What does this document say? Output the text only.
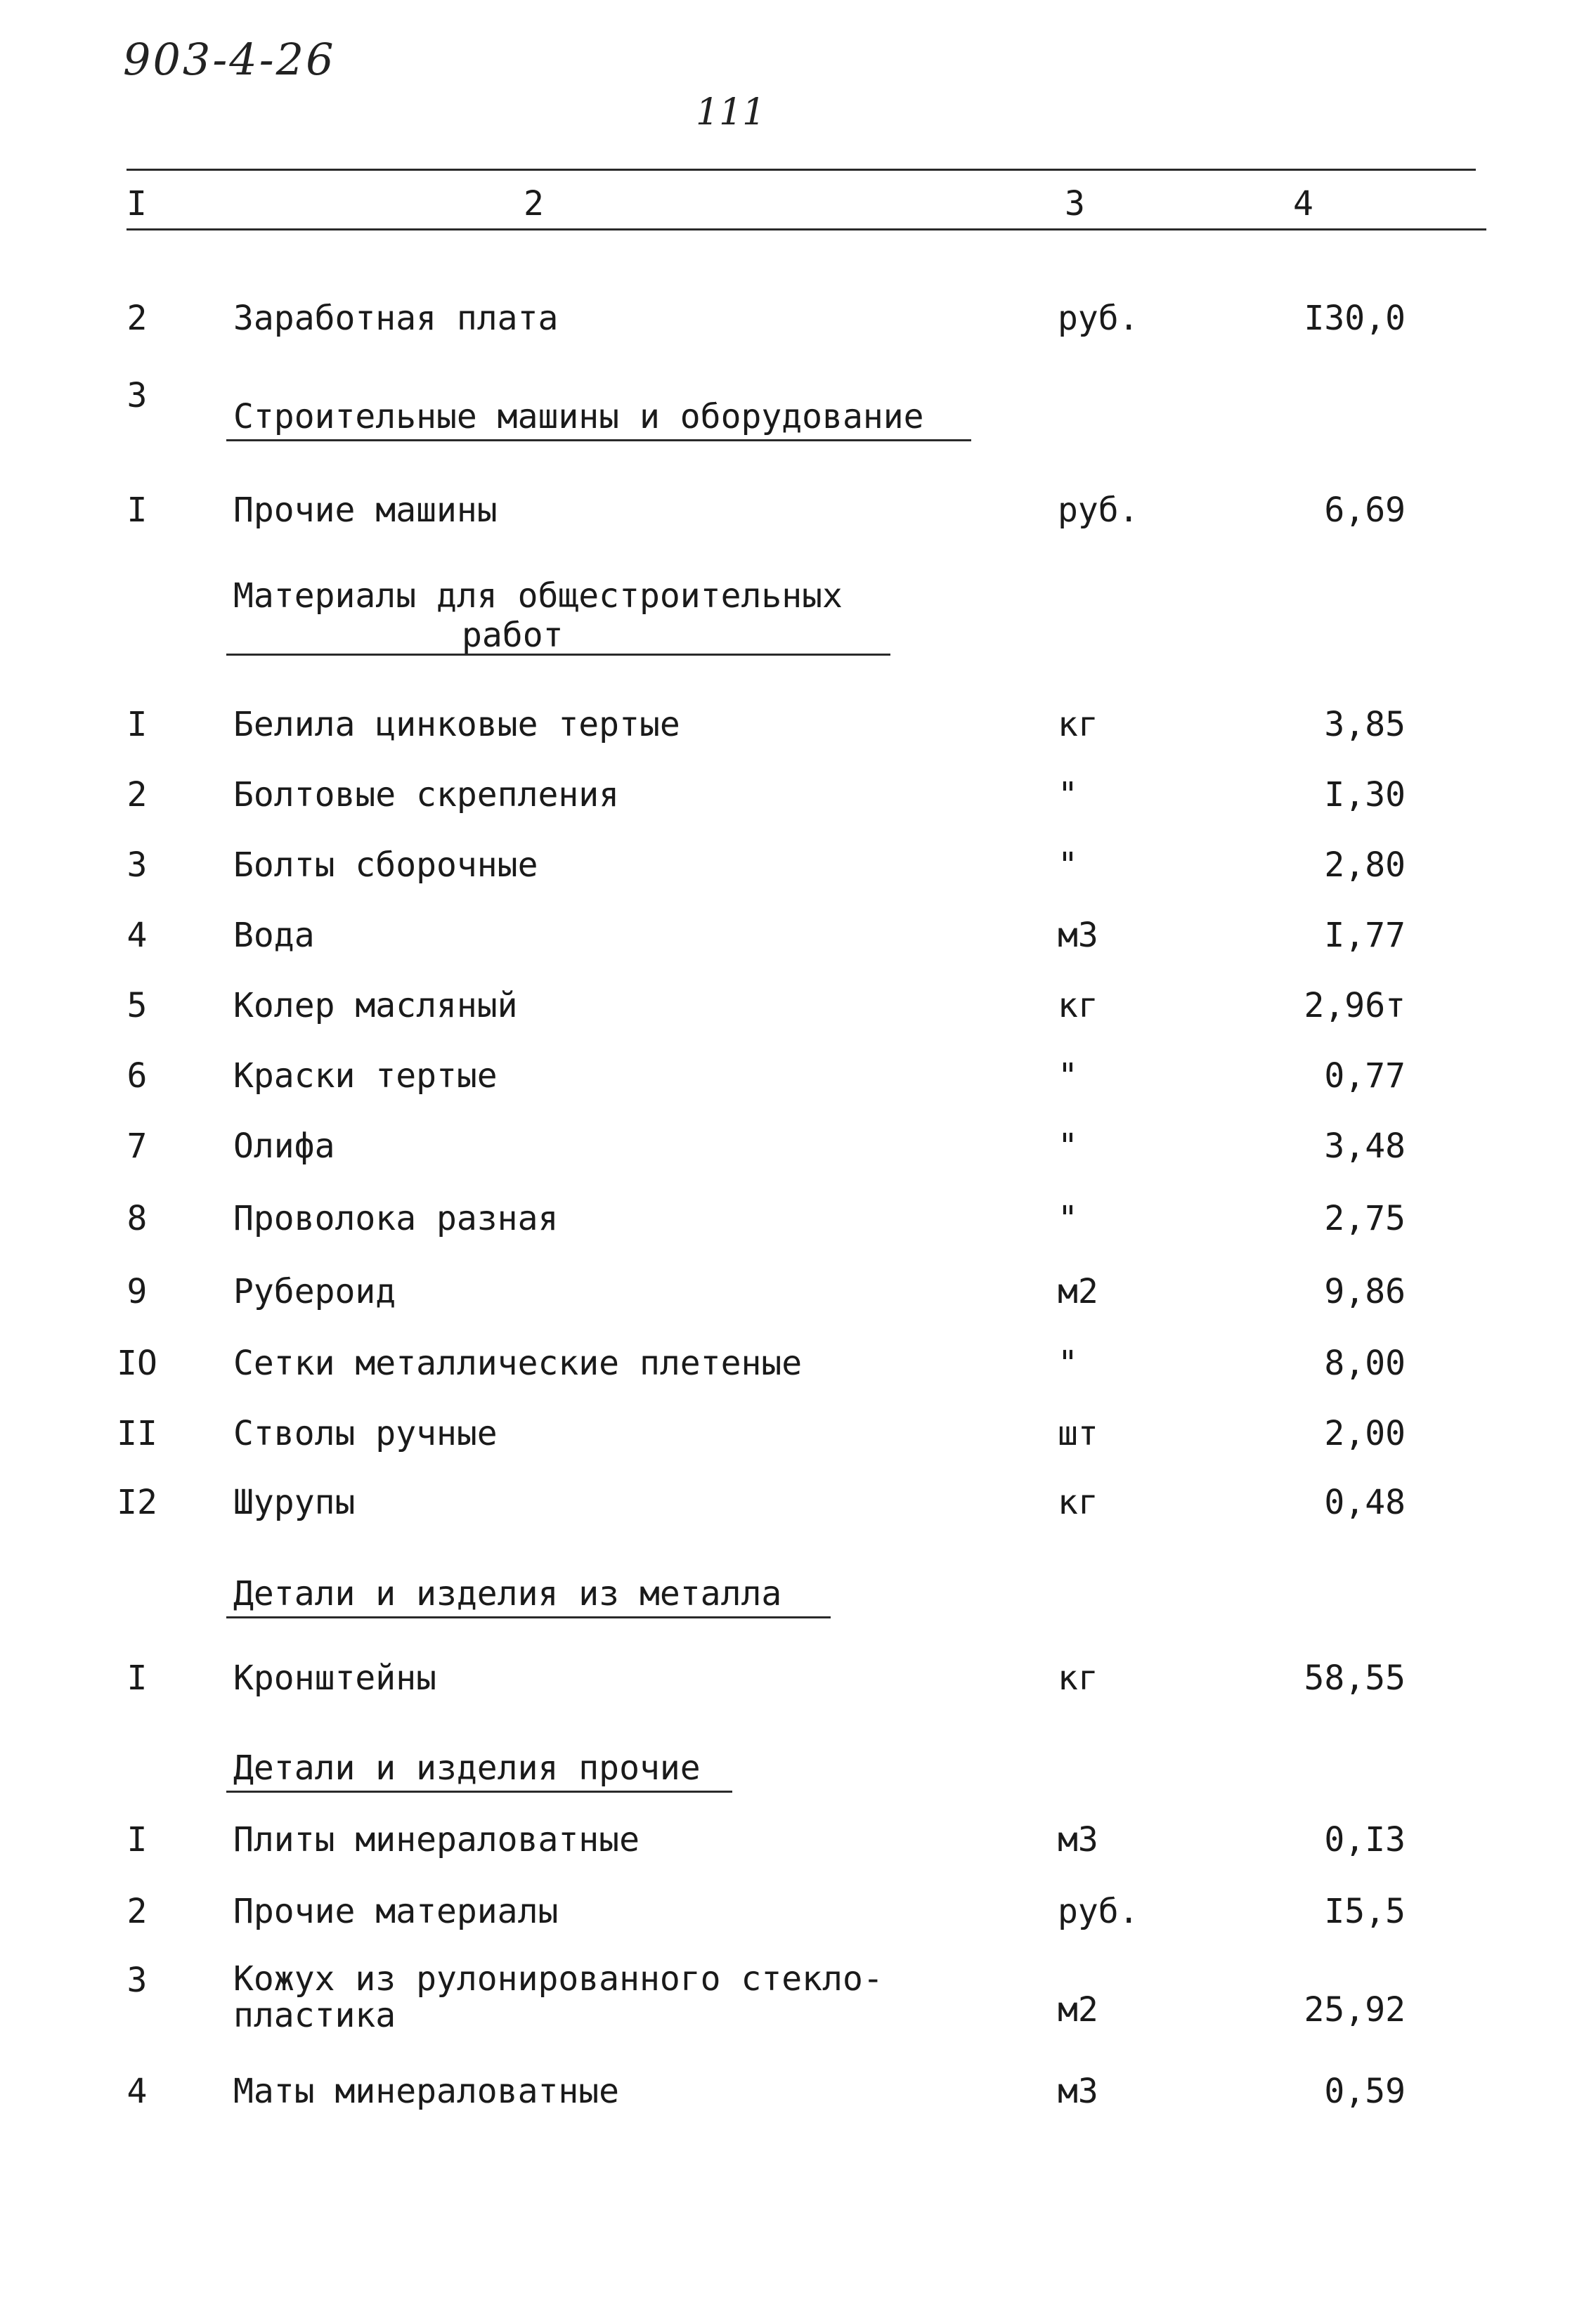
903-4-26
111
I	2	3	4
2	Заработная плата	руб.	I30,0
3
Строительные машины и оборудование
I	Прочие машины	руб.	6,69
Материалы для общестроительных
работ
I	Белила цинковые тертые	кг	3,85
2	Болтовые скрепления	"	I,30
3	Болты сборочные	"	2,80
4	Вода	м3	I,77
5	Колер масляный	кг	2,96т
6	Краски тертые	"	0,77
7	Олифа	"	3,48
8	Проволока разная	"	2,75
9	Рубероид	м2	9,86
IO Сетки металлические плетеные	"	8,00
II Стволы ручные	шт	2,00
I2 Шурупы	кг	0,48
Детали и изделия из металла
I	Кронштейны	кг	58,55
Детали и изделия прочие
I	Плиты минераловатные	м3	0,I3
2	Прочие материалы	руб.	I5,5
3	Кожух из рулонированного стекло-
пластика	м2	25,92
4	Маты минераловатные	м3	0,59
